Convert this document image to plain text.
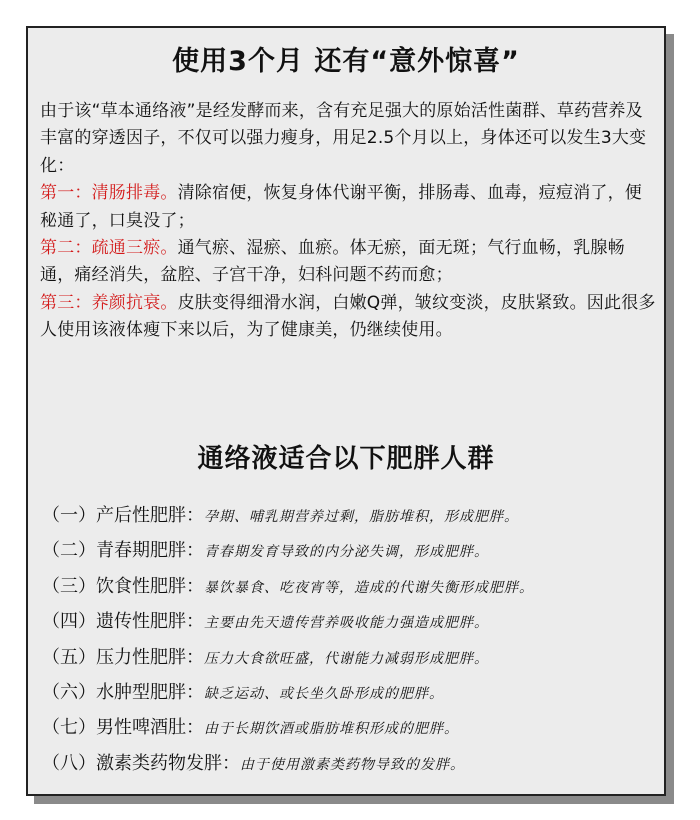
使用3个月 还有“意外惊喜”

由于该“草本通络液”是经发酵而来，含有充足强大的原始活性菌群、草药营养及丰富的穿透因子，不仅可以强力瘦身，用足2.5个月以上，身体还可以发生3大变化：
第一：清肠排毒。清除宿便，恢复身体代谢平衡，排肠毒、血毒，痘痘消了，便秘通了，口臭没了；
第二：疏通三瘀。通气瘀、湿瘀、血瘀。体无瘀，面无斑；气行血畅，乳腺畅通，痛经消失，盆腔、子宫干净，妇科问题不药而愈；
第三：养颜抗衰。皮肤变得细滑水润，白嫩Q弹，皱纹变淡，皮肤紧致。因此很多人使用该液体瘦下来以后，为了健康美，仍继续使用。

通络液适合以下肥胖人群
（一）产后性肥胖：孕期、哺乳期营养过剩，脂肪堆积，形成肥胖。
（二）青春期肥胖：青春期发育导致的内分泌失调，形成肥胖。
（三）饮食性肥胖：暴饮暴食、吃夜宵等，造成的代谢失衡形成肥胖。
（四）遗传性肥胖：主要由先天遗传营养吸收能力强造成肥胖。
（五）压力性肥胖：压力大食欲旺盛，代谢能力减弱形成肥胖。
（六）水肿型肥胖：缺乏运动、或长坐久卧形成的肥胖。
（七）男性啤酒肚：由于长期饮酒或脂肪堆积形成的肥胖。
（八）激素类药物发胖：由于使用激素类药物导致的发胖。
